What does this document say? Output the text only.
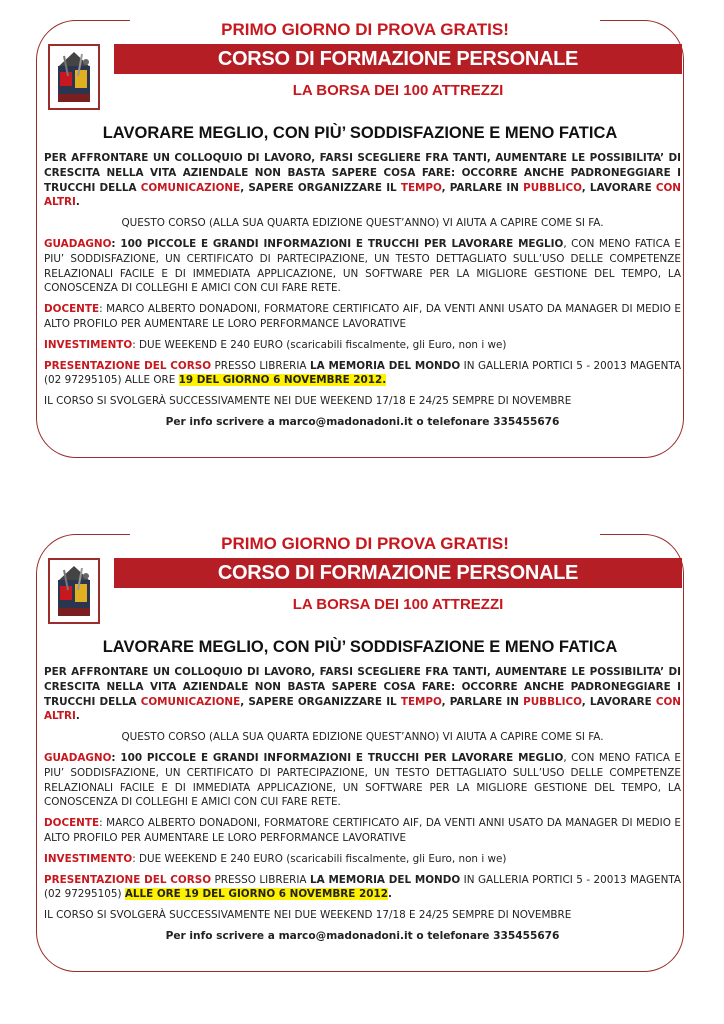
PRIMO GIORNO DI PROVA GRATIS!
CORSO DI FORMAZIONE PERSONALE
LA BORSA DEI 100 ATTREZZI
LAVORARE MEGLIO, CON PIÙ’ SODDISFAZIONE E MENO FATICA

PER AFFRONTARE UN COLLOQUIO DI LAVORO, FARSI SCEGLIERE FRA TANTI, AUMENTARE LE POSSIBILITA’ DI CRESCITA NELLA VITA AZIENDALE NON BASTA SAPERE COSA FARE: OCCORRE ANCHE PADRONEGGIARE I TRUCCHI DELLA COMUNICAZIONE, SAPERE ORGANIZZARE IL TEMPO, PARLARE IN PUBBLICO, LAVORARE CON ALTRI.

QUESTO CORSO (ALLA SUA QUARTA EDIZIONE QUEST’ANNO) VI AIUTA A CAPIRE COME SI FA.

GUADAGNO: 100 PICCOLE E GRANDI INFORMAZIONI E TRUCCHI PER LAVORARE MEGLIO, CON MENO FATICA E PIU’ SODDISFAZIONE, UN CERTIFICATO DI PARTECIPAZIONE, UN TESTO DETTAGLIATO SULL’USO DELLE COMPETENZE RELAZIONALI FACILE E DI IMMEDIATA APPLICAZIONE, UN SOFTWARE PER LA MIGLIORE GESTIONE DEL TEMPO, LA CONOSCENZA DI COLLEGHI E AMICI CON CUI FARE RETE.

DOCENTE: MARCO ALBERTO DONADONI, FORMATORE CERTIFICATO AIF, DA VENTI ANNI USATO DA MANAGER DI MEDIO E ALTO PROFILO PER AUMENTARE LE LORO PERFORMANCE LAVORATIVE

INVESTIMENTO: DUE WEEKEND E 240 EURO (scaricabili fiscalmente, gli Euro, non i we)

PRESENTAZIONE DEL CORSO PRESSO LIBRERIA LA MEMORIA DEL MONDO IN GALLERIA PORTICI 5 - 20013 MAGENTA (02 97295105) ALLE ORE 19 DEL GIORNO 6 NOVEMBRE 2012.

IL CORSO SI SVOLGERÀ SUCCESSIVAMENTE NEI DUE WEEKEND 17/18 E 24/25 SEMPRE DI NOVEMBRE

Per info scrivere a marco@madonadoni.it o telefonare 335455676

PRIMO GIORNO DI PROVA GRATIS!
CORSO DI FORMAZIONE PERSONALE
LA BORSA DEI 100 ATTREZZI
LAVORARE MEGLIO, CON PIÙ’ SODDISFAZIONE E MENO FATICA

PER AFFRONTARE UN COLLOQUIO DI LAVORO, FARSI SCEGLIERE FRA TANTI, AUMENTARE LE POSSIBILITA’ DI CRESCITA NELLA VITA AZIENDALE NON BASTA SAPERE COSA FARE: OCCORRE ANCHE PADRONEGGIARE I TRUCCHI DELLA COMUNICAZIONE, SAPERE ORGANIZZARE IL TEMPO, PARLARE IN PUBBLICO, LAVORARE CON ALTRI.

QUESTO CORSO (ALLA SUA QUARTA EDIZIONE QUEST’ANNO) VI AIUTA A CAPIRE COME SI FA.

GUADAGNO: 100 PICCOLE E GRANDI INFORMAZIONI E TRUCCHI PER LAVORARE MEGLIO, CON MENO FATICA E PIU’ SODDISFAZIONE, UN CERTIFICATO DI PARTECIPAZIONE, UN TESTO DETTAGLIATO SULL’USO DELLE COMPETENZE RELAZIONALI FACILE E DI IMMEDIATA APPLICAZIONE, UN SOFTWARE PER LA MIGLIORE GESTIONE DEL TEMPO, LA CONOSCENZA DI COLLEGHI E AMICI CON CUI FARE RETE.

DOCENTE: MARCO ALBERTO DONADONI, FORMATORE CERTIFICATO AIF, DA VENTI ANNI USATO DA MANAGER DI MEDIO E ALTO PROFILO PER AUMENTARE LE LORO PERFORMANCE LAVORATIVE

INVESTIMENTO: DUE WEEKEND E 240 EURO (scaricabili fiscalmente, gli Euro, non i we)

PRESENTAZIONE DEL CORSO PRESSO LIBRERIA LA MEMORIA DEL MONDO IN GALLERIA PORTICI 5 - 20013 MAGENTA (02 97295105) ALLE ORE 19 DEL GIORNO 6 NOVEMBRE 2012.

IL CORSO SI SVOLGERÀ SUCCESSIVAMENTE NEI DUE WEEKEND 17/18 E 24/25 SEMPRE DI NOVEMBRE

Per info scrivere a marco@madonadoni.it o telefonare 335455676
